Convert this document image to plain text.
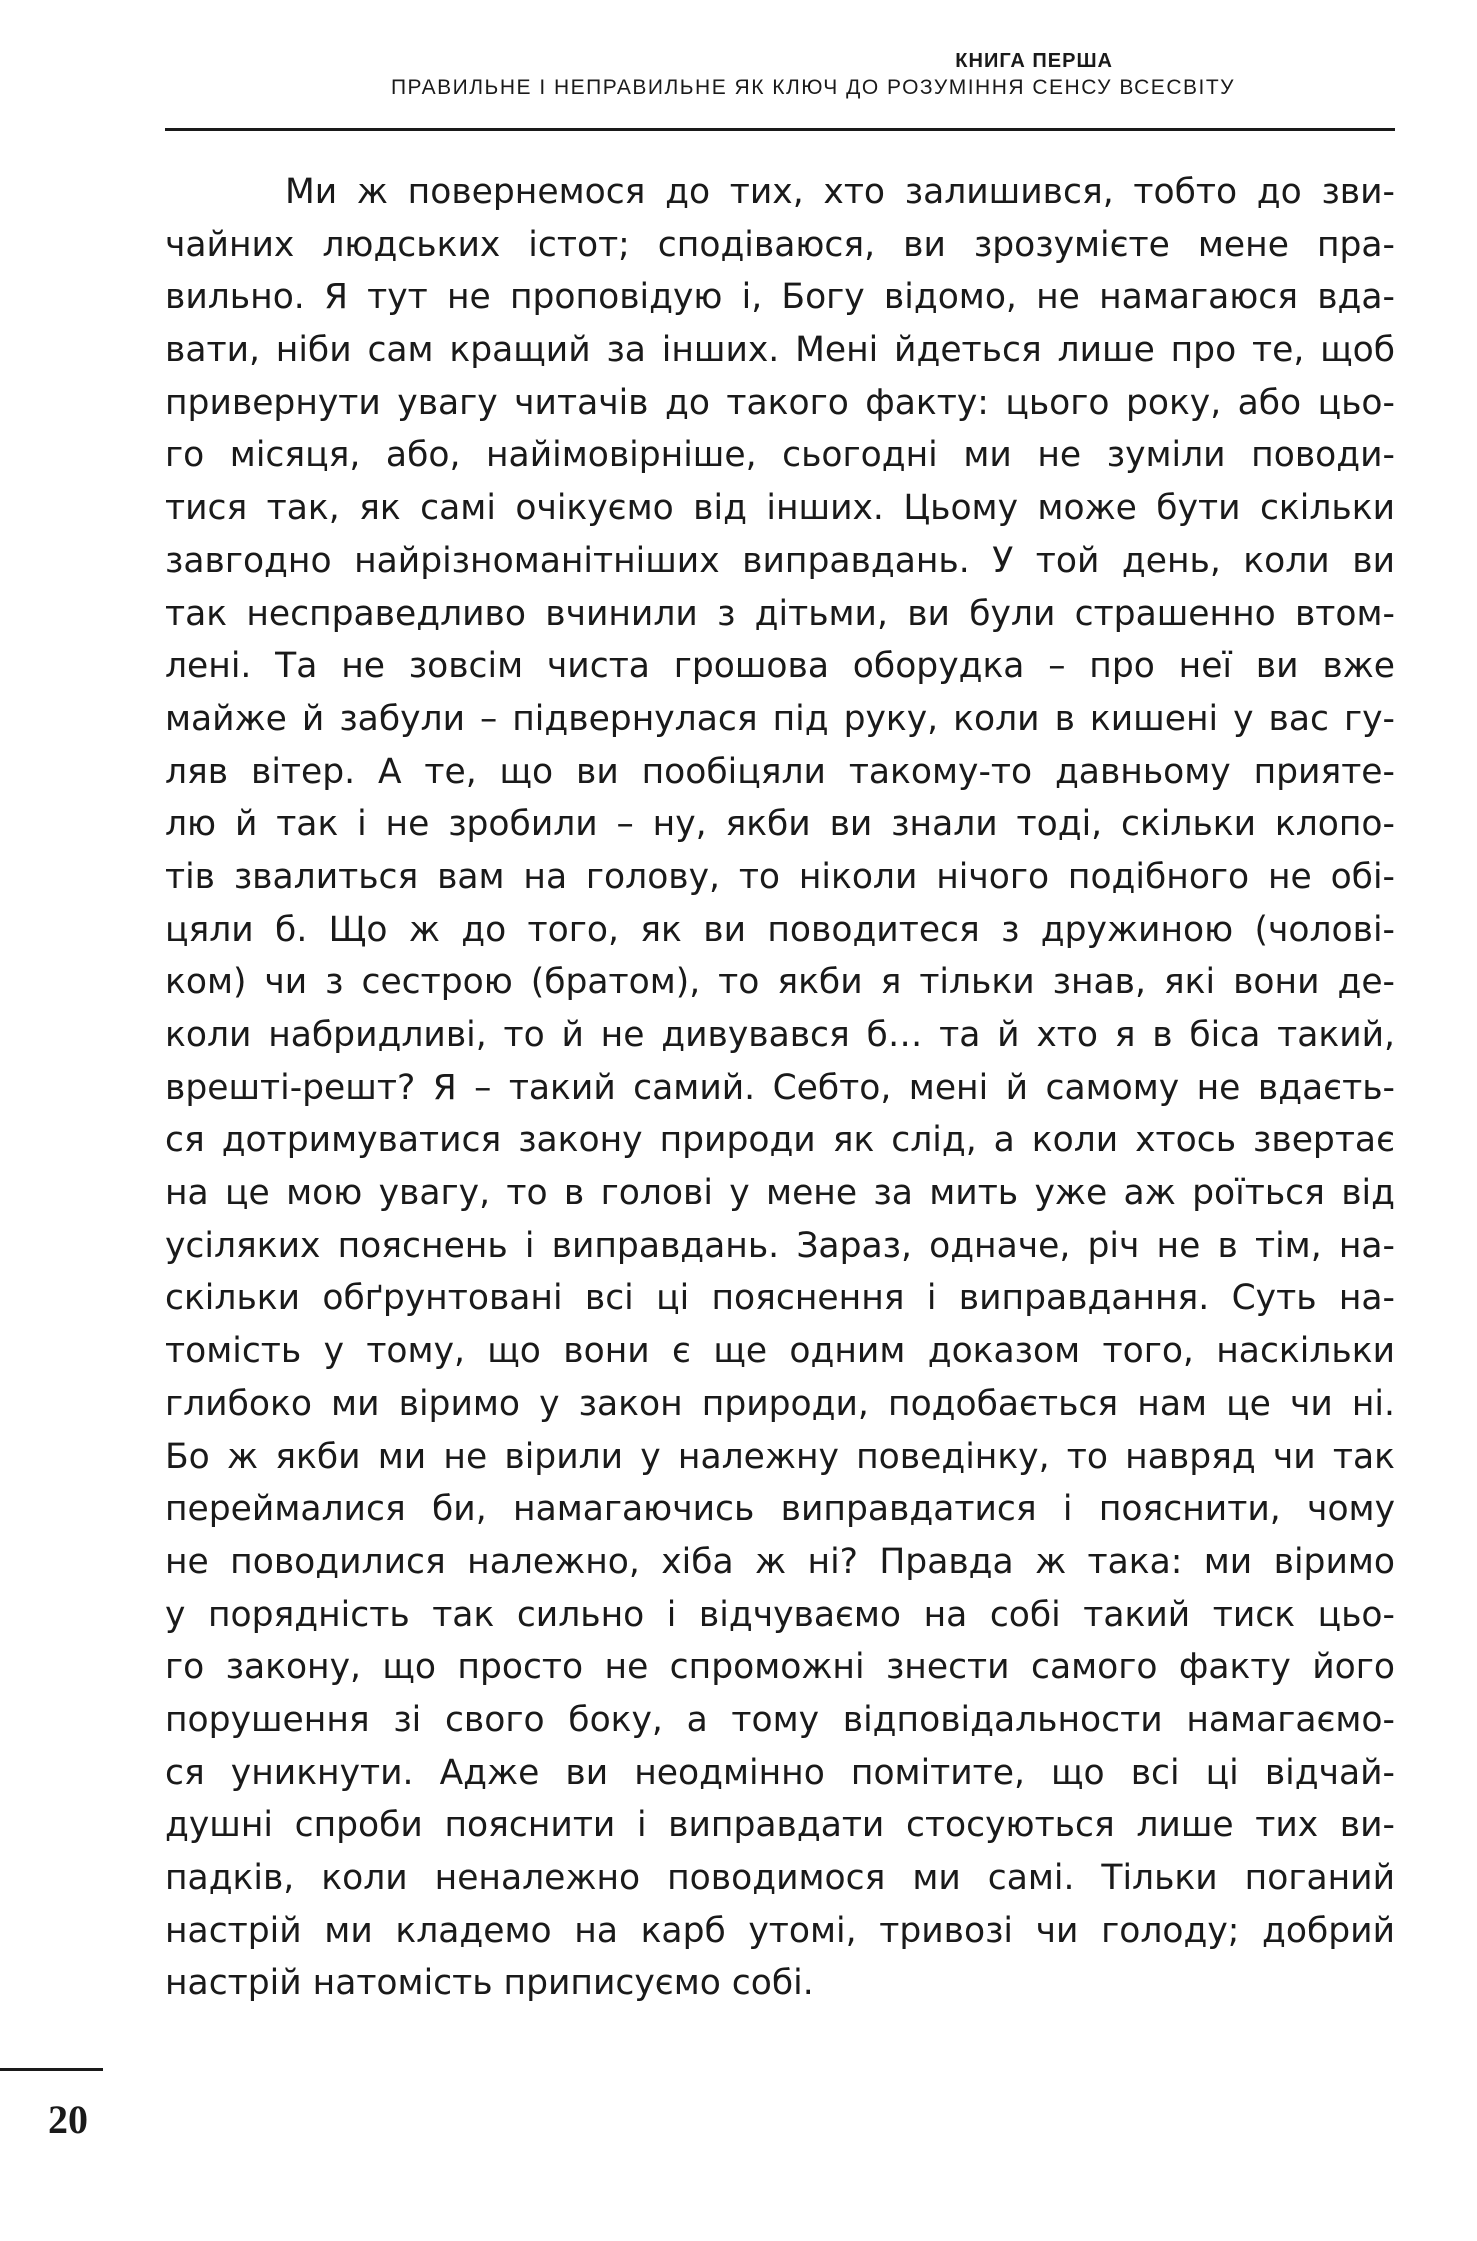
КНИГА ПЕРША
ПРАВИЛЬНЕ І НЕПРАВИЛЬНЕ ЯК КЛЮЧ ДО РОЗУМІННЯ СЕНСУ ВСЕСВІТУ
Ми ж повернемося до тих, хто залишився, тобто до зви-
чайних людських істот; сподіваюся, ви зрозумієте мене пра-
вильно. Я тут не проповідую і, Богу відомо, не намагаюся вда-
вати, ніби сам кращий за інших. Мені йдеться лише про те, щоб
привернути увагу читачів до такого факту: цього року, або цьо-
го місяця, або, найімовірніше, сьогодні ми не зуміли поводи-
тися так, як самі очікуємо від інших. Цьому може бути скільки
завгодно найрізноманітніших виправдань. У той день, коли ви
так несправедливо вчинили з дітьми, ви були страшенно втом-
лені. Та не зовсім чиста грошова оборудка – про неї ви вже
майже й забули – підвернулася під руку, коли в кишені у вас гу-
ляв вітер. А те, що ви пообіцяли такому-то давньому прияте-
лю й так і не зробили – ну, якби ви знали тоді, скільки клопо-
тів звалиться вам на голову, то ніколи нічого подібного не обі-
цяли б. Що ж до того, як ви поводитеся з дружиною (чолові-
ком) чи з сестрою (братом), то якби я тільки знав, які вони де-
коли набридливі, то й не дивувався б… та й хто я в біса такий,
врешті-решт? Я – такий самий. Себто, мені й самому не вдаєть-
ся дотримуватися закону природи як слід, а коли хтось звертає
на це мою увагу, то в голові у мене за мить уже аж роїться від
усіляких пояснень і виправдань. Зараз, одначе, річ не в тім, на-
скільки обґрунтовані всі ці пояснення і виправдання. Суть на-
томість у тому, що вони є ще одним доказом того, наскільки
глибоко ми віримо у закон природи, подобається нам це чи ні.
Бо ж якби ми не вірили у належну поведінку, то навряд чи так
переймалися би, намагаючись виправдатися і пояснити, чому
не поводилися належно, хіба ж ні? Правда ж така: ми віримо
у порядність так сильно і відчуваємо на собі такий тиск цьо-
го закону, що просто не спроможні знести самого факту його
порушення зі свого боку, а тому відповідальности намагаємо-
ся уникнути. Адже ви неодмінно помітите, що всі ці відчай-
душні спроби пояснити і виправдати стосуються лише тих ви-
падків, коли неналежно поводимося ми самі. Тільки поганий
настрій ми кладемо на карб утомі, тривозі чи голоду; добрий
настрій натомість приписуємо собі.
20
